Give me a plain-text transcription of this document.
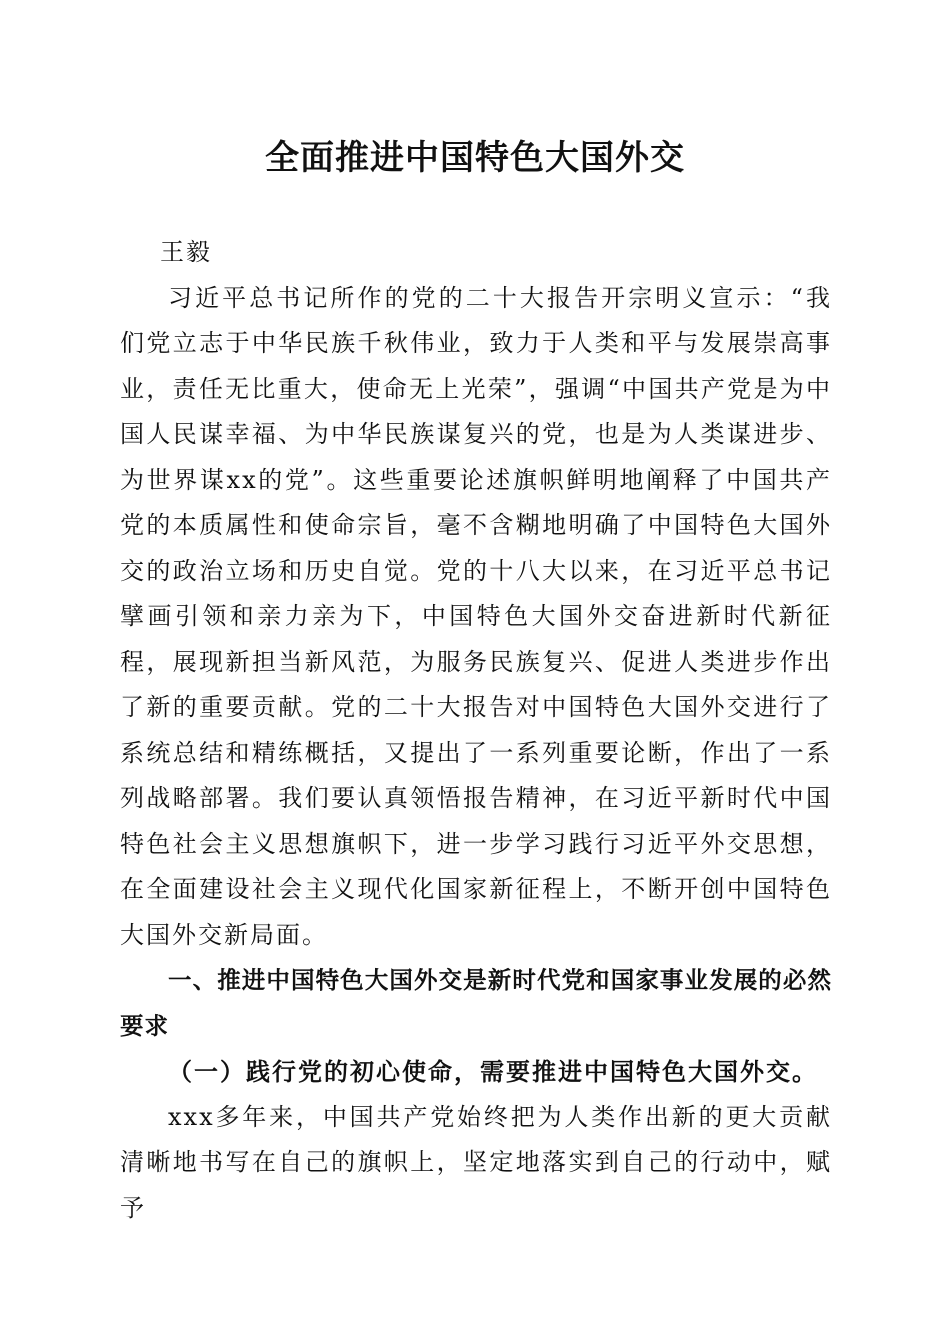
全面推进中国特色大国外交

王毅

习近平总书记所作的党的二十大报告开宗明义宣示：“我们党立志于中华民族千秋伟业，致力于人类和平与发展崇高事业，责任无比重大，使命无上光荣”，强调“中国共产党是为中国人民谋幸福、为中华民族谋复兴的党，也是为人类谋进步、为世界谋xx的党”。这些重要论述旗帜鲜明地阐释了中国共产党的本质属性和使命宗旨，毫不含糊地明确了中国特色大国外交的政治立场和历史自觉。党的十八大以来，在习近平总书记擘画引领和亲力亲为下，中国特色大国外交奋进新时代新征程，展现新担当新风范，为服务民族复兴、促进人类进步作出了新的重要贡献。党的二十大报告对中国特色大国外交进行了系统总结和精练概括，又提出了一系列重要论断，作出了一系列战略部署。我们要认真领悟报告精神，在习近平新时代中国特色社会主义思想旗帜下，进一步学习践行习近平外交思想，在全面建设社会主义现代化国家新征程上，不断开创中国特色大国外交新局面。

一、推进中国特色大国外交是新时代党和国家事业发展的必然要求

（一）践行党的初心使命，需要推进中国特色大国外交。

xxx多年来，中国共产党始终把为人类作出新的更大贡献清晰地书写在自己的旗帜上，坚定地落实到自己的行动中，赋予
